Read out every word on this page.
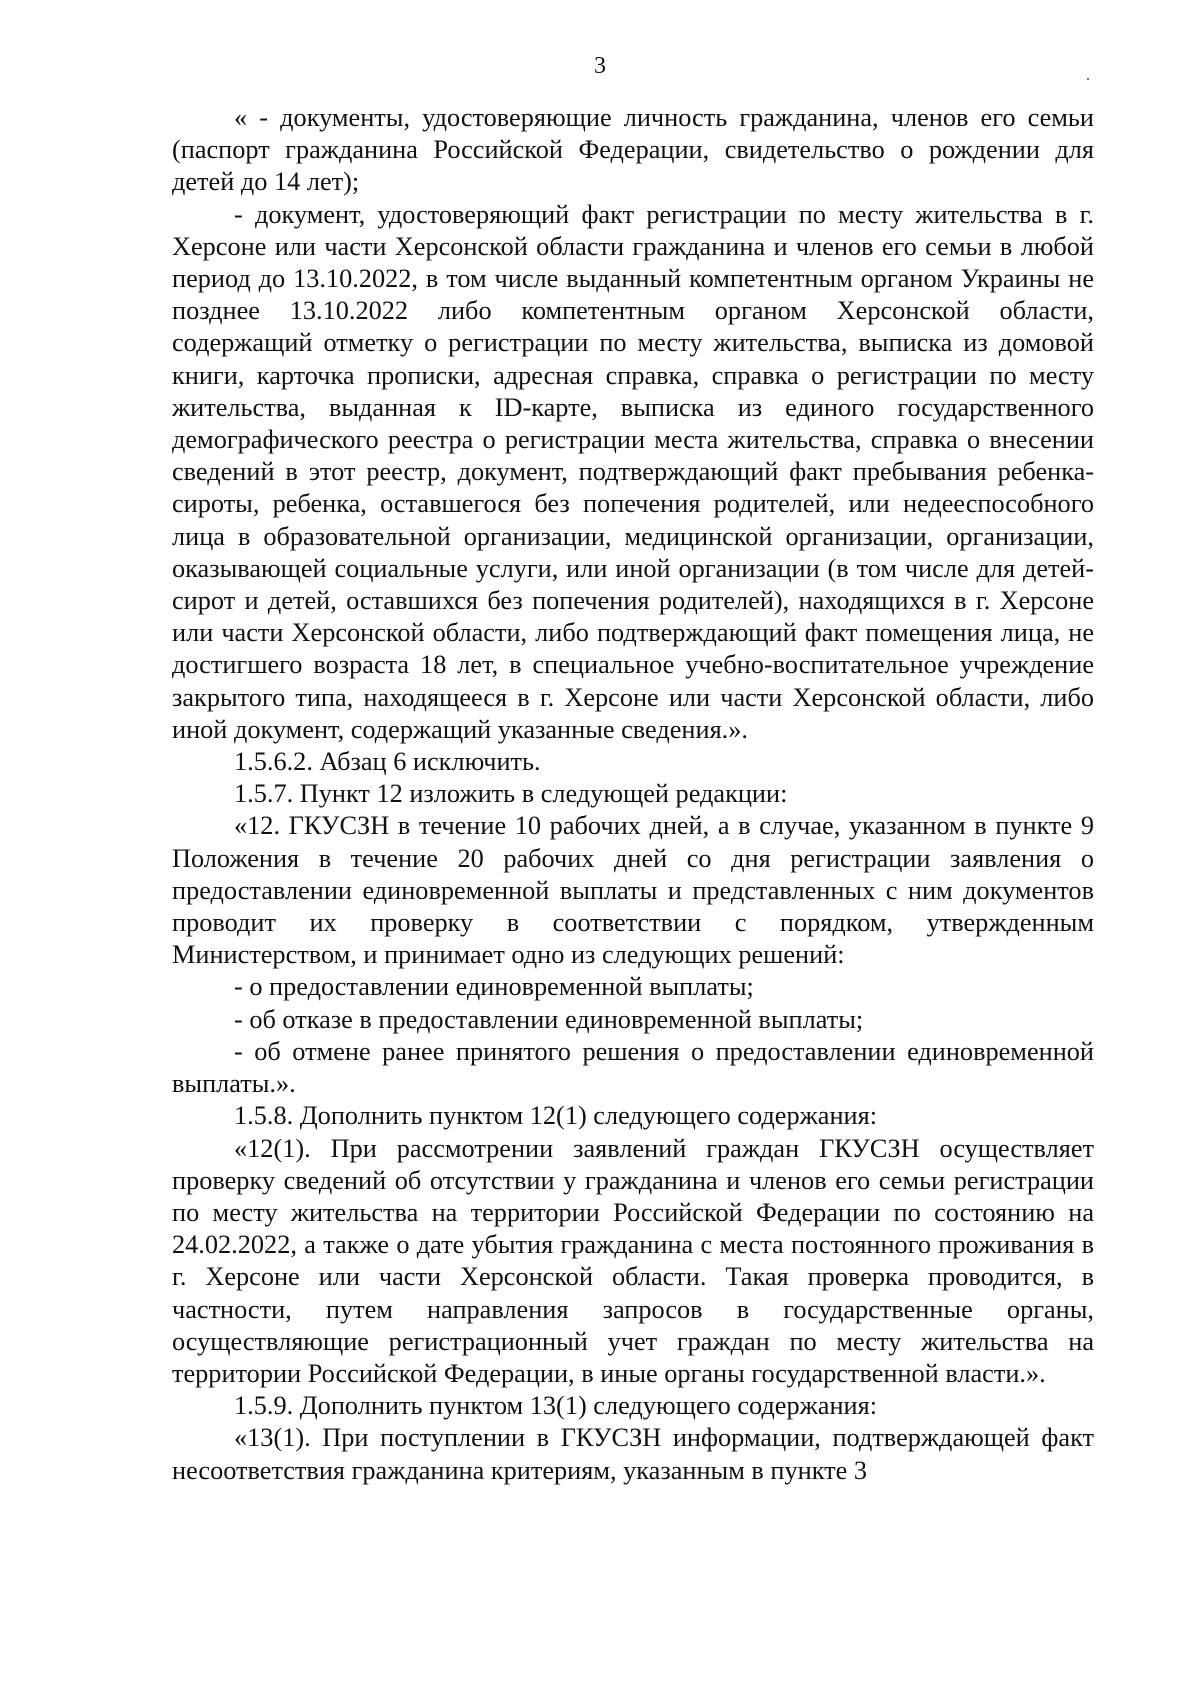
3

« - документы, удостоверяющие личность гражданина, членов его семьи (паспорт гражданина Российской Федерации, свидетельство о рождении для детей до 14 лет);

- документ, удостоверяющий факт регистрации по месту жительства в г. Херсоне или части Херсонской области гражданина и членов его семьи в любой период до 13.10.2022, в том числе выданный компетентным органом Украины не позднее 13.10.2022 либо компетентным органом Херсонской области, содержащий отметку о регистрации по месту жительства, выписка из домовой книги, карточка прописки, адресная справка, справка о регистрации по месту жительства, выданная к ID-карте, выписка из единого государственного демографического реестра о регистрации места жительства, справка о внесении сведений в этот реестр, документ, подтверждающий факт пребывания ребенка-сироты, ребенка, оставшегося без попечения родителей, или недееспособного лица в образовательной организации, медицинской организации, организации, оказывающей социальные услуги, или иной организации (в том числе для детей-сирот и детей, оставшихся без попечения родителей), находящихся в г. Херсоне или части Херсонской области, либо подтверждающий факт помещения лица, не достигшего возраста 18 лет, в специальное учебно-воспитательное учреждение закрытого типа, находящееся в г. Херсоне или части Херсонской области, либо иной документ, содержащий указанные сведения.».

1.5.6.2. Абзац 6 исключить.

1.5.7. Пункт 12 изложить в следующей редакции:

«12. ГКУСЗН в течение 10 рабочих дней, а в случае, указанном в пункте 9 Положения в течение 20 рабочих дней со дня регистрации заявления о предоставлении единовременной выплаты и представленных с ним документов проводит их проверку в соответствии с порядком, утвержденным Министерством, и принимает одно из следующих решений:

- о предоставлении единовременной выплаты;

- об отказе в предоставлении единовременной выплаты;

- об отмене ранее принятого решения о предоставлении единовременной выплаты.».

1.5.8. Дополнить пунктом 12(1) следующего содержания:

«12(1). При рассмотрении заявлений граждан ГКУСЗН осуществляет проверку сведений об отсутствии у гражданина и членов его семьи регистрации по месту жительства на территории Российской Федерации по состоянию на 24.02.2022, а также о дате убытия гражданина с места постоянного проживания в г. Херсоне или части Херсонской области. Такая проверка проводится, в частности, путем направления запросов в государственные органы, осуществляющие регистрационный учет граждан по месту жительства на территории Российской Федерации, в иные органы государственной власти.».

1.5.9. Дополнить пунктом 13(1) следующего содержания:

«13(1). При поступлении в ГКУСЗН информации, подтверждающей факт несоответствия гражданина критериям, указанным в пункте 3
